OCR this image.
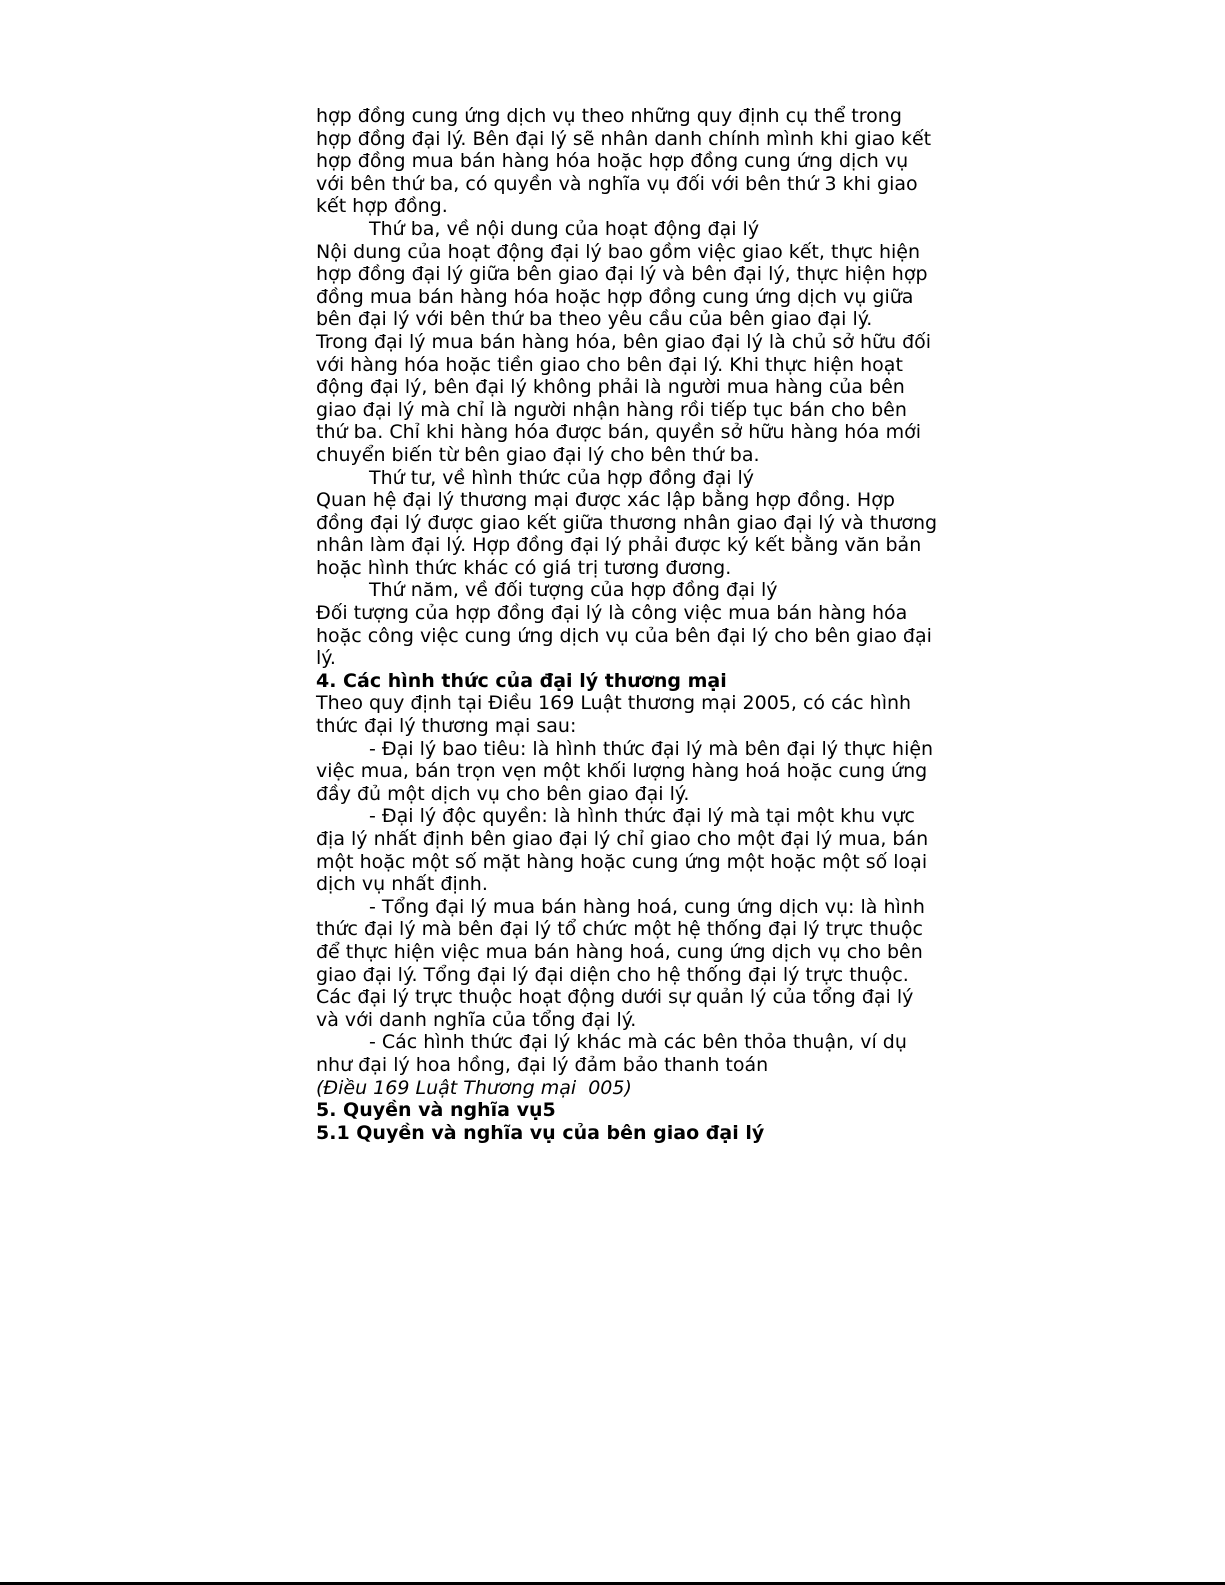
hợp đồng cung ứng dịch vụ theo những quy định cụ thể trong
hợp đồng đại lý. Bên đại lý sẽ nhân danh chính mình khi giao kết
hợp đồng mua bán hàng hóa hoặc hợp đồng cung ứng dịch vụ
với bên thứ ba, có quyền và nghĩa vụ đối với bên thứ 3 khi giao
kết hợp đồng.
Thứ ba, về nội dung của hoạt động đại lý
Nội dung của hoạt động đại lý bao gồm việc giao kết, thực hiện
hợp đồng đại lý giữa bên giao đại lý và bên đại lý, thực hiện hợp
đồng mua bán hàng hóa hoặc hợp đồng cung ứng dịch vụ giữa
bên đại lý với bên thứ ba theo yêu cầu của bên giao đại lý.
Trong đại lý mua bán hàng hóa, bên giao đại lý là chủ sở hữu đối
với hàng hóa hoặc tiền giao cho bên đại lý. Khi thực hiện hoạt
động đại lý, bên đại lý không phải là người mua hàng của bên
giao đại lý mà chỉ là người nhận hàng rồi tiếp tục bán cho bên
thứ ba. Chỉ khi hàng hóa được bán, quyền sở hữu hàng hóa mới
chuyển biến từ bên giao đại lý cho bên thứ ba.
Thứ tư, về hình thức của hợp đồng đại lý
Quan hệ đại lý thương mại được xác lập bằng hợp đồng. Hợp
đồng đại lý được giao kết giữa thương nhân giao đại lý và thương
nhân làm đại lý. Hợp đồng đại lý phải được ký kết bằng văn bản
hoặc hình thức khác có giá trị tương đương.
Thứ năm, về đối tượng của hợp đồng đại lý
Đối tượng của hợp đồng đại lý là công việc mua bán hàng hóa
hoặc công việc cung ứng dịch vụ của bên đại lý cho bên giao đại
lý.
4. Các hình thức của đại lý thương mại
Theo quy định tại Điều 169 Luật thương mại 2005, có các hình
thức đại lý thương mại sau:
- Đại lý bao tiêu: là hình thức đại lý mà bên đại lý thực hiện
việc mua, bán trọn vẹn một khối lượng hàng hoá hoặc cung ứng
đầy đủ một dịch vụ cho bên giao đại lý.
- Đại lý độc quyền: là hình thức đại lý mà tại một khu vực
địa lý nhất định bên giao đại lý chỉ giao cho một đại lý mua, bán
một hoặc một số mặt hàng hoặc cung ứng một hoặc một số loại
dịch vụ nhất định.
- Tổng đại lý mua bán hàng hoá, cung ứng dịch vụ: là hình
thức đại lý mà bên đại lý tổ chức một hệ thống đại lý trực thuộc
để thực hiện việc mua bán hàng hoá, cung ứng dịch vụ cho bên
giao đại lý. Tổng đại lý đại diện cho hệ thống đại lý trực thuộc.
Các đại lý trực thuộc hoạt động dưới sự quản lý của tổng đại lý
và với danh nghĩa của tổng đại lý.
- Các hình thức đại lý khác mà các bên thỏa thuận, ví dụ
như đại lý hoa hồng, đại lý đảm bảo thanh toán
(Điều 169 Luật Thương mại  005)
5. Quyền và nghĩa vụ5
5.1 Quyền và nghĩa vụ của bên giao đại lý
